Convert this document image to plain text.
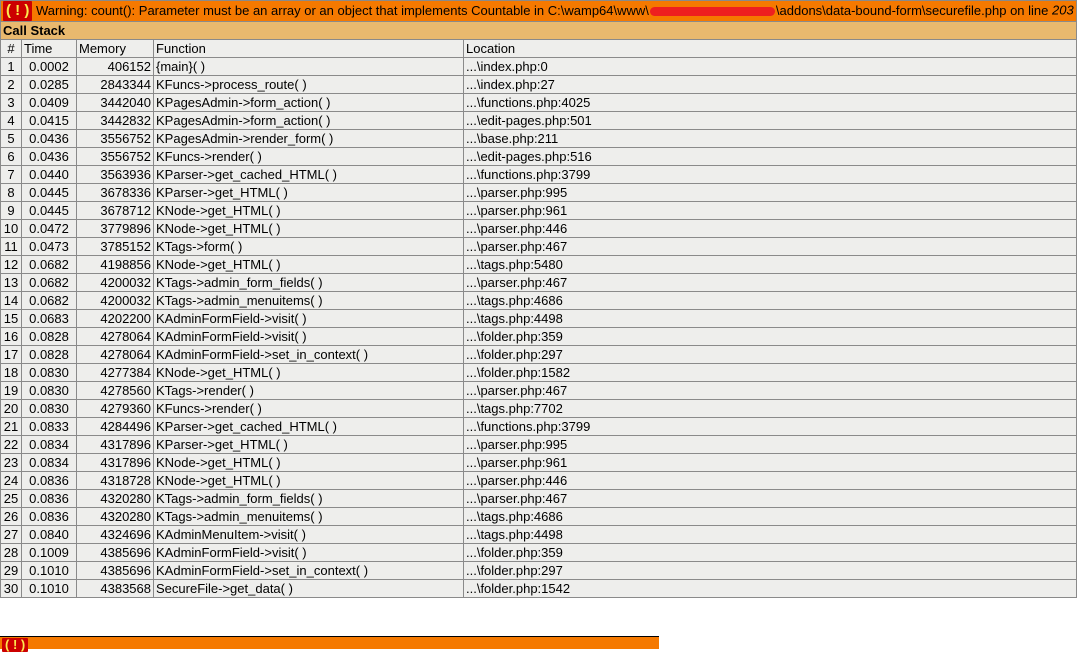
( ! ) Warning: count(): Parameter must be an array or an object that implements Countable in C:\wamp64\www\ \addons\data-bound-form\securefile.php on line 203				
Call Stack				
#	Time	Memory	Function	Location
1	0.0002	406152	{main}( )	...\index.php:0
2	0.0285	2843344	KFuncs->process_route( )	...\index.php:27
3	0.0409	3442040	KPagesAdmin->form_action( )	...\functions.php:4025
4	0.0415	3442832	KPagesAdmin->form_action( )	...\edit-pages.php:501
5	0.0436	3556752	KPagesAdmin->render_form( )	...\base.php:211
6	0.0436	3556752	KFuncs->render( )	...\edit-pages.php:516
7	0.0440	3563936	KParser->get_cached_HTML( )	...\functions.php:3799
8	0.0445	3678336	KParser->get_HTML( )	...\parser.php:995
9	0.0445	3678712	KNode->get_HTML( )	...\parser.php:961
10	0.0472	3779896	KNode->get_HTML( )	...\parser.php:446
11	0.0473	3785152	KTags->form( )	...\parser.php:467
12	0.0682	4198856	KNode->get_HTML( )	...\tags.php:5480
13	0.0682	4200032	KTags->admin_form_fields( )	...\parser.php:467
14	0.0682	4200032	KTags->admin_menuitems( )	...\tags.php:4686
15	0.0683	4202200	KAdminFormField->visit( )	...\tags.php:4498
16	0.0828	4278064	KAdminFormField->visit( )	...\folder.php:359
17	0.0828	4278064	KAdminFormField->set_in_context( )	...\folder.php:297
18	0.0830	4277384	KNode->get_HTML( )	...\folder.php:1582
19	0.0830	4278560	KTags->render( )	...\parser.php:467
20	0.0830	4279360	KFuncs->render( )	...\tags.php:7702
21	0.0833	4284496	KParser->get_cached_HTML( )	...\functions.php:3799
22	0.0834	4317896	KParser->get_HTML( )	...\parser.php:995
23	0.0834	4317896	KNode->get_HTML( )	...\parser.php:961
24	0.0836	4318728	KNode->get_HTML( )	...\parser.php:446
25	0.0836	4320280	KTags->admin_form_fields( )	...\parser.php:467
26	0.0836	4320280	KTags->admin_menuitems( )	...\tags.php:4686
27	0.0840	4324696	KAdminMenuItem->visit( )	...\tags.php:4498
28	0.1009	4385696	KAdminFormField->visit( )	...\folder.php:359
29	0.1010	4385696	KAdminFormField->set_in_context( )	...\folder.php:297
30	0.1010	4383568	SecureFile->get_data( )	...\folder.php:1542
( ! )
